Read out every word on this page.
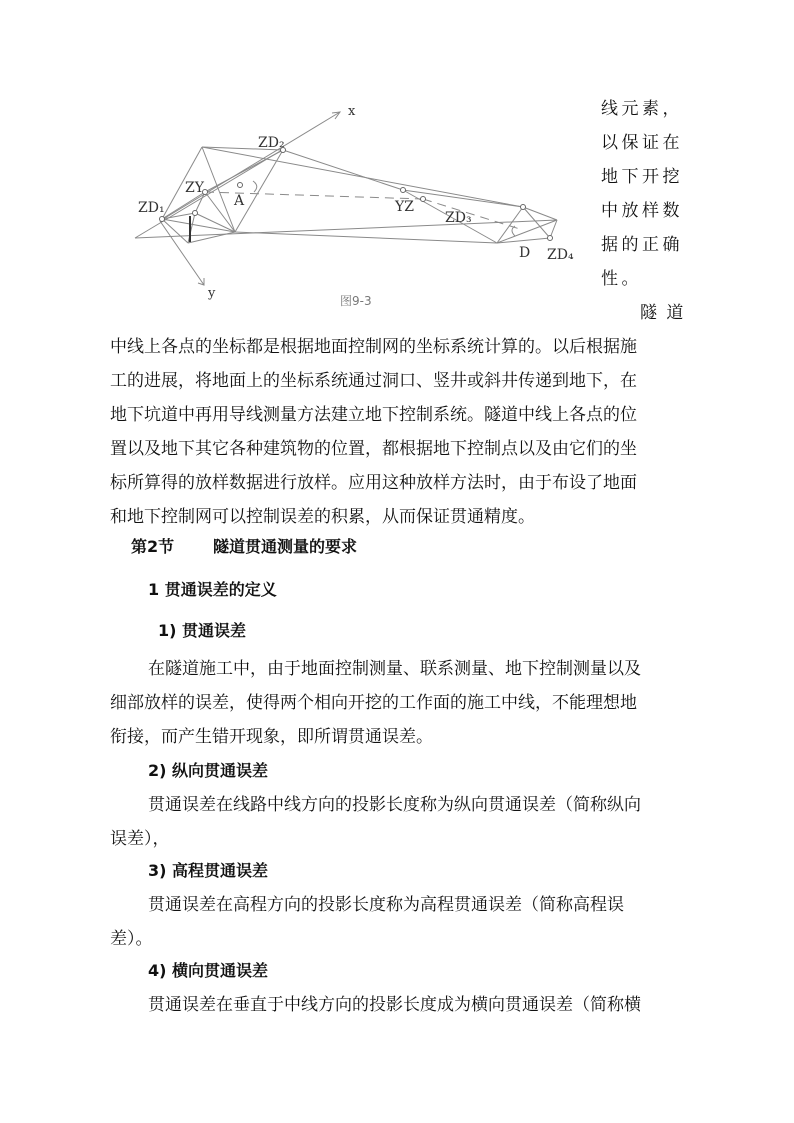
x
y
ZD₁
ZD₂
ZD₃
ZD₄
ZY
YZ
A
D
图9-3
线元素，
以保证在
地下开挖
中放样数
据的正确
性。
隧 道
中线上各点的坐标都是根据地面控制网的坐标系统计算的。以后根据施
工的进展，将地面上的坐标系统通过洞口、竖井或斜井传递到地下，在
地下坑道中再用导线测量方法建立地下控制系统。隧道中线上各点的位
置以及地下其它各种建筑物的位置，都根据地下控制点以及由它们的坐
标所算得的放样数据进行放样。应用这种放样方法时，由于布设了地面
和地下控制网可以控制误差的积累，从而保证贯通精度。
第2节 隧道贯通测量的要求
1 贯通误差的定义
1) 贯通误差
在隧道施工中，由于地面控制测量、联系测量、地下控制测量以及
细部放样的误差，使得两个相向开挖的工作面的施工中线，不能理想地
衔接，而产生错开现象，即所谓贯通误差。
2) 纵向贯通误差
贯通误差在线路中线方向的投影长度称为纵向贯通误差（简称纵向
误差），
3) 高程贯通误差
贯通误差在高程方向的投影长度称为高程贯通误差（简称高程误
差）。
4) 横向贯通误差
贯通误差在垂直于中线方向的投影长度成为横向贯通误差（简称横
